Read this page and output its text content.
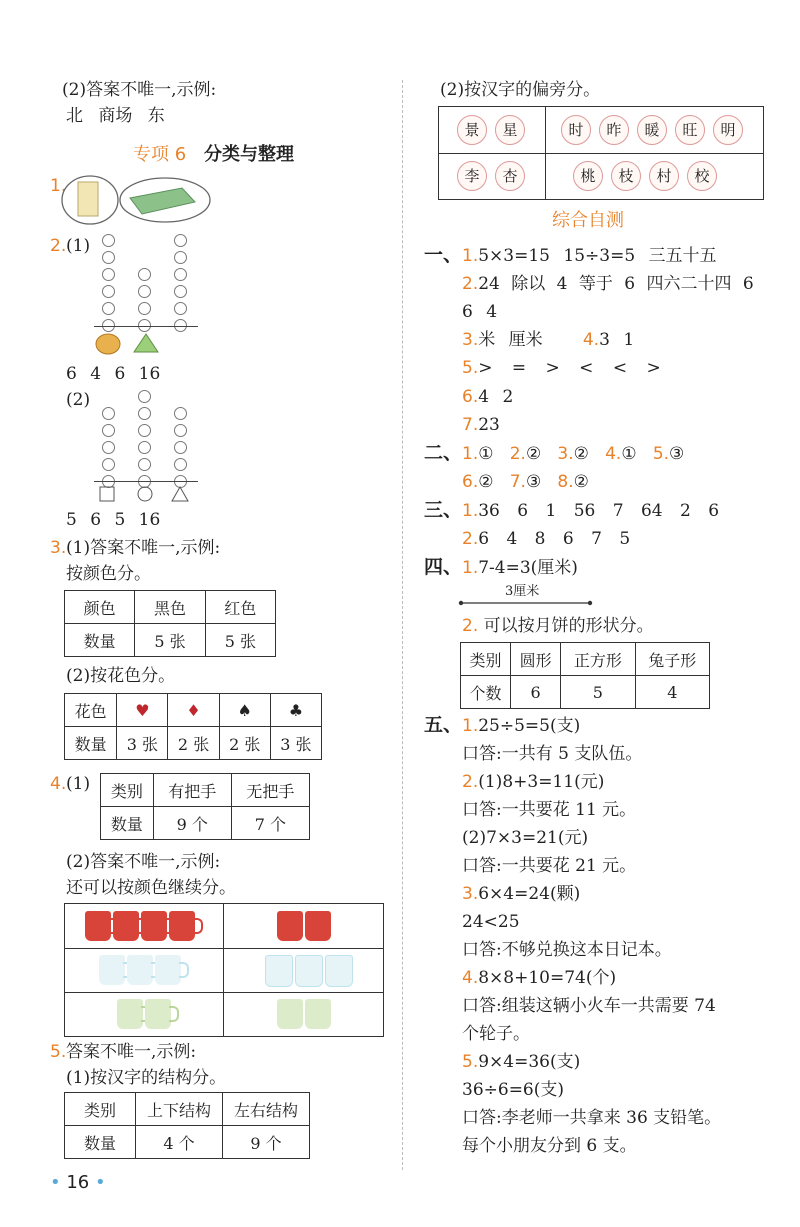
(2)答案不唯一,示例:
北 商场 东
专项 6 分类与整理
1.
2. (1)
6 4 6 16
(2)
5 6 5 16
3. (1)答案不唯一,示例:
按颜色分。
颜色	黑色	红色
数量	5 张	5 张
(2)按花色分。
花色	♥	♦	♠	♣
数量	3 张	2 张	2 张	3 张
4. (1) 类别	有把手	无把手
数量	9 个	7 个
(2)答案不唯一,示例:
还可以按颜色继续分。
5. 答案不唯一,示例:
(1)按汉字的结构分。
类别	上下结构	左右结构
数量	4 个	9 个
• 16 •
(2)按汉字的偏旁分。
景 星	时 昨 暖 旺 明
李 杏	桃 枝 村 校
综合自测
一、 1.5×3=15 15÷3=5 三五十五
2.24 除以 4 等于 6 四六二十四 6
6 4
3.米 厘米 4.3 1
5.> = > < < >
6.4 2
7.23
二、 1.① 2.② 3.② 4.① 5.③
6.② 7.③ 8.②
三、 1.36 6 1 56 7 64 2 6
2.6 4 8 6 7 5
四、 1.7-4=3(厘米)
3厘米
2. 可以按月饼的形状分。
类别	圆形	正方形	兔子形
个数	6	5	4
五、 1.25÷5=5(支)
口答:一共有 5 支队伍。
2.(1)8+3=11(元)
口答:一共要花 11 元。
(2)7×3=21(元)
口答:一共要花 21 元。
3.6×4=24(颗)
24<25
口答:不够兑换这本日记本。
4.8×8+10=74(个)
口答:组装这辆小火车一共需要 74
个轮子。
5.9×4=36(支)
36÷6=6(支)
口答:李老师一共拿来 36 支铅笔。
每个小朋友分到 6 支。
